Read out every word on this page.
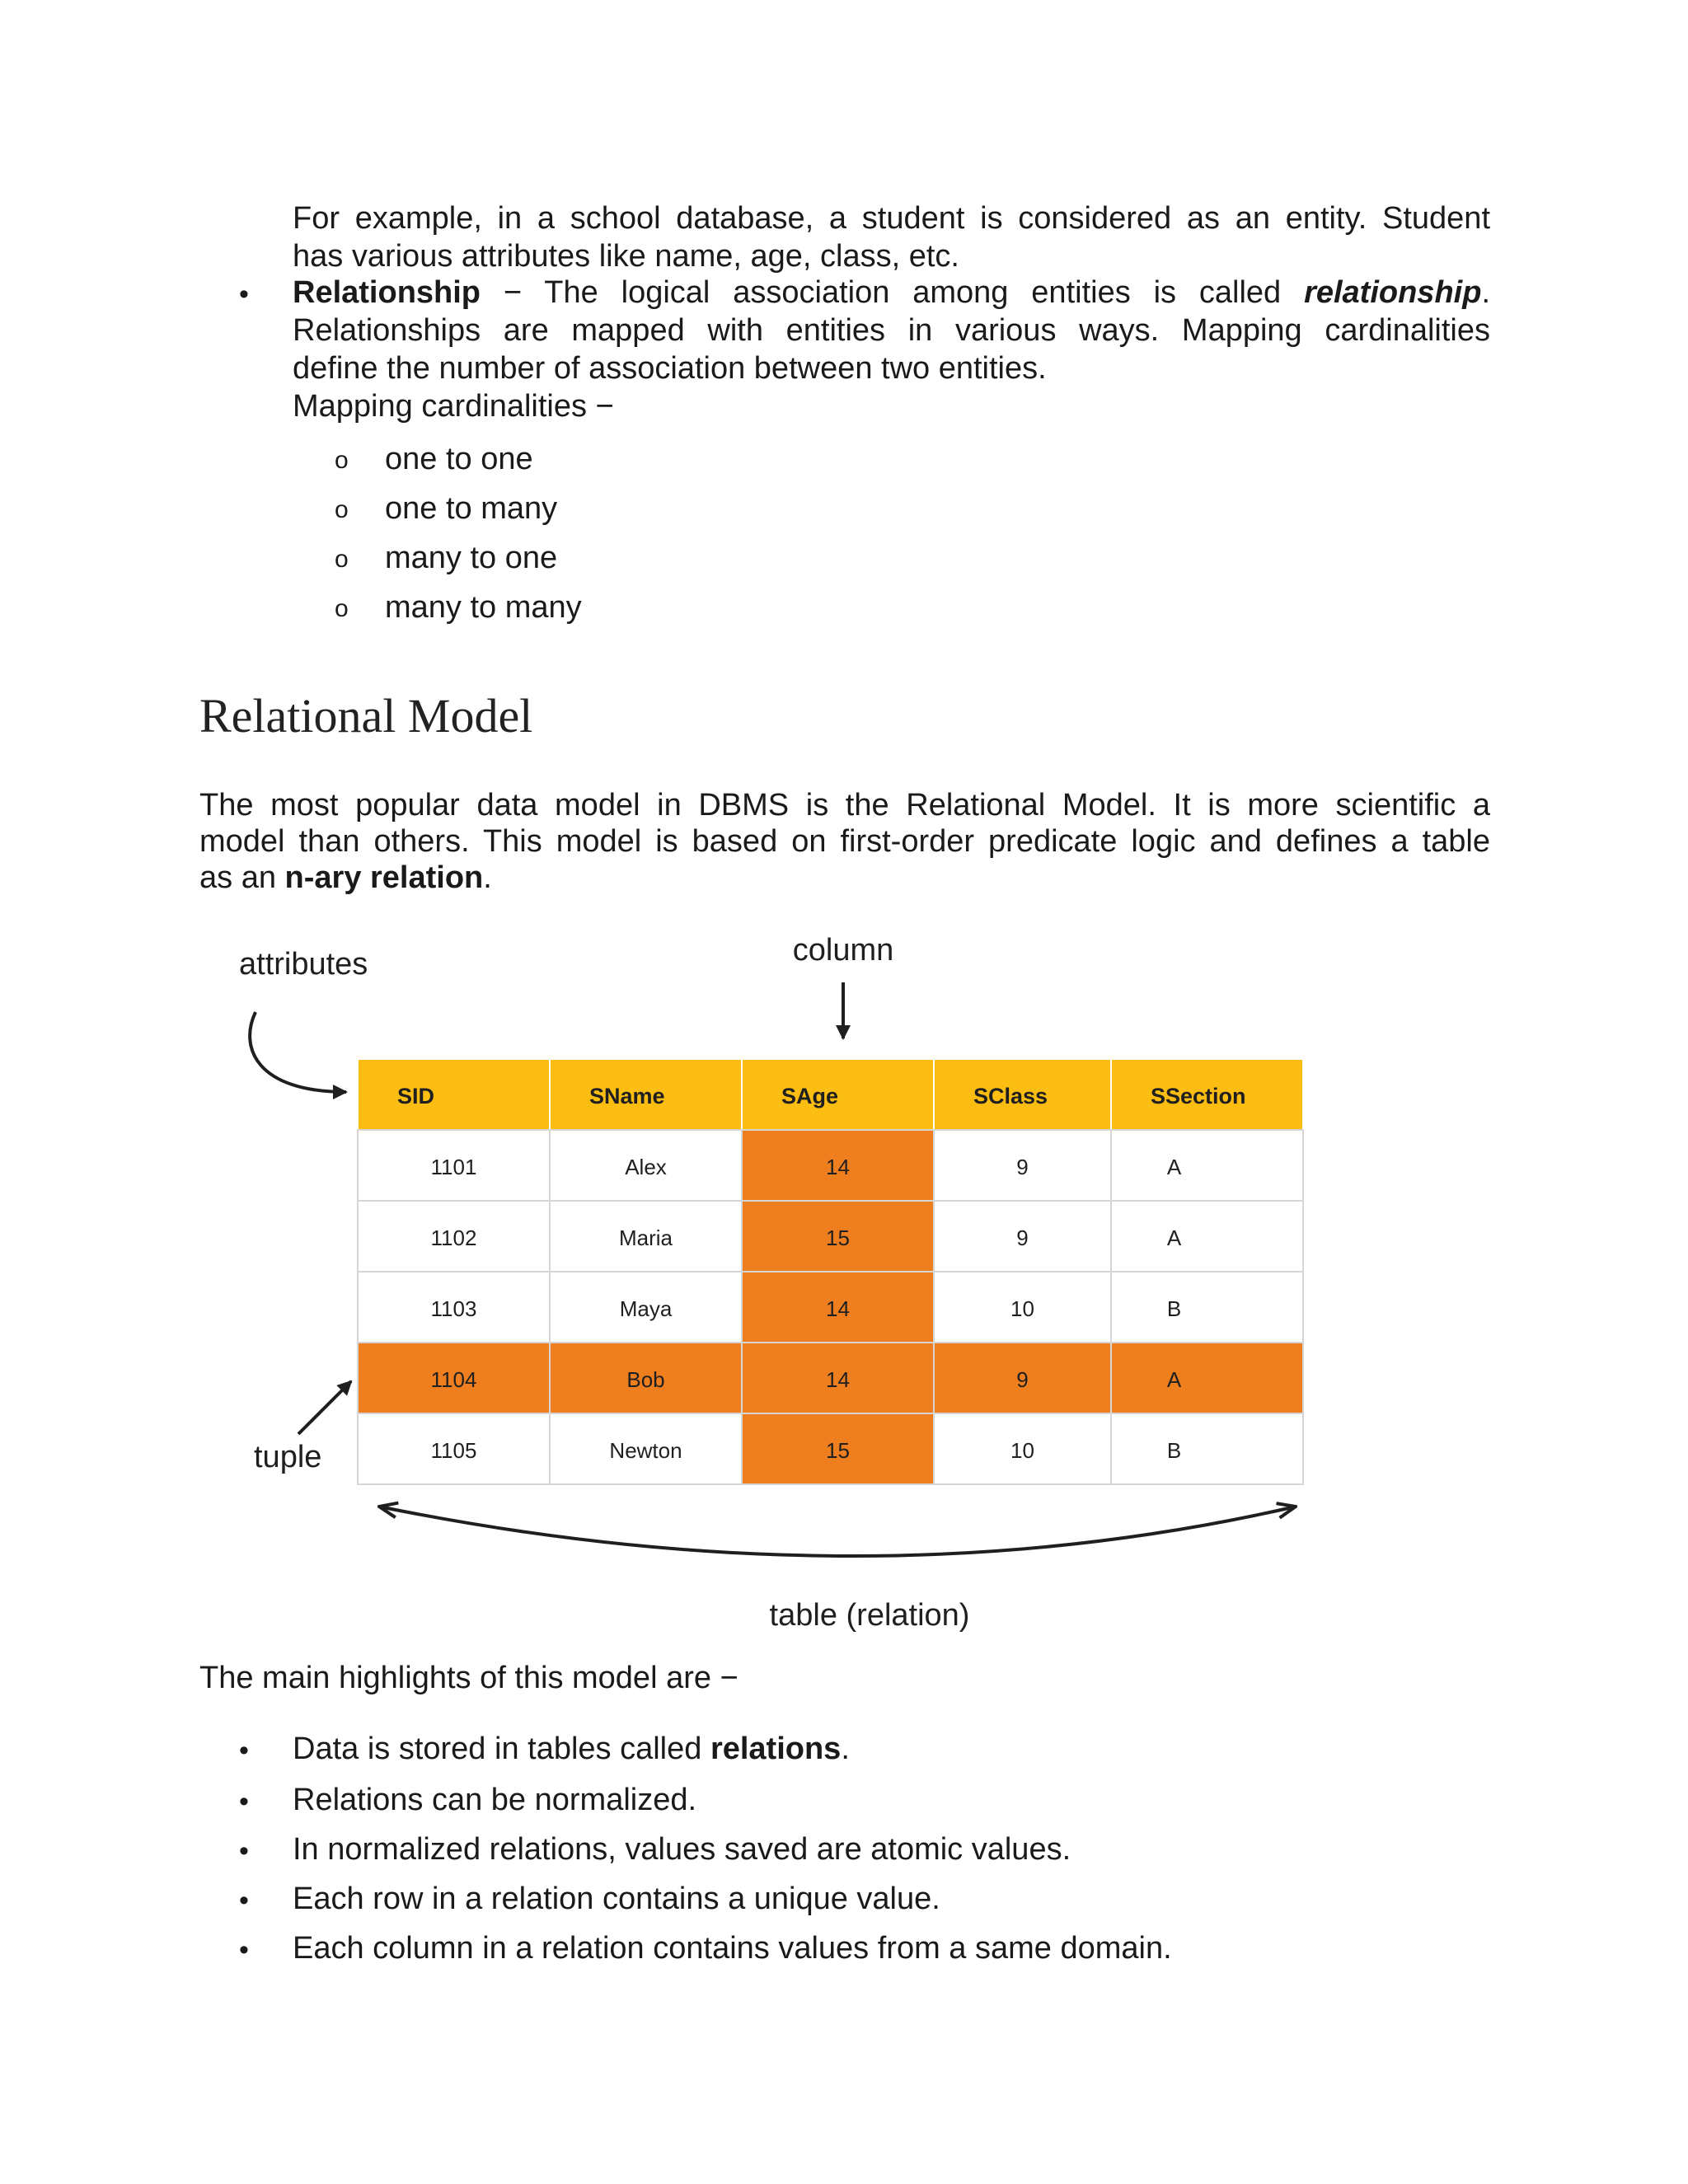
For example, in a school database, a student is considered as an entity. Student
has various attributes like name, age, class, etc.
• Relationship − The logical association among entities is called relationship.
Relationships are mapped with entities in various ways. Mapping cardinalities
define the number of association between two entities.
Mapping cardinalities −
o one to one
o one to many
o many to one
o many to many
Relational Model
The most popular data model in DBMS is the Relational Model. It is more scientific a
model than others. This model is based on first-order predicate logic and defines a table
as an n-ary relation.
attributes	column
tuple
table (relation)
SID	SName	SAge	SClass	SSection
1101	Alex	14	9	A
1102	Maria	15	9	A
1103	Maya	14	10	B
1104	Bob	14	9	A
1105	Newton	15	10	B
The main highlights of this model are −
• Data is stored in tables called relations.
• Relations can be normalized.
• In normalized relations, values saved are atomic values.
• Each row in a relation contains a unique value.
• Each column in a relation contains values from a same domain.
